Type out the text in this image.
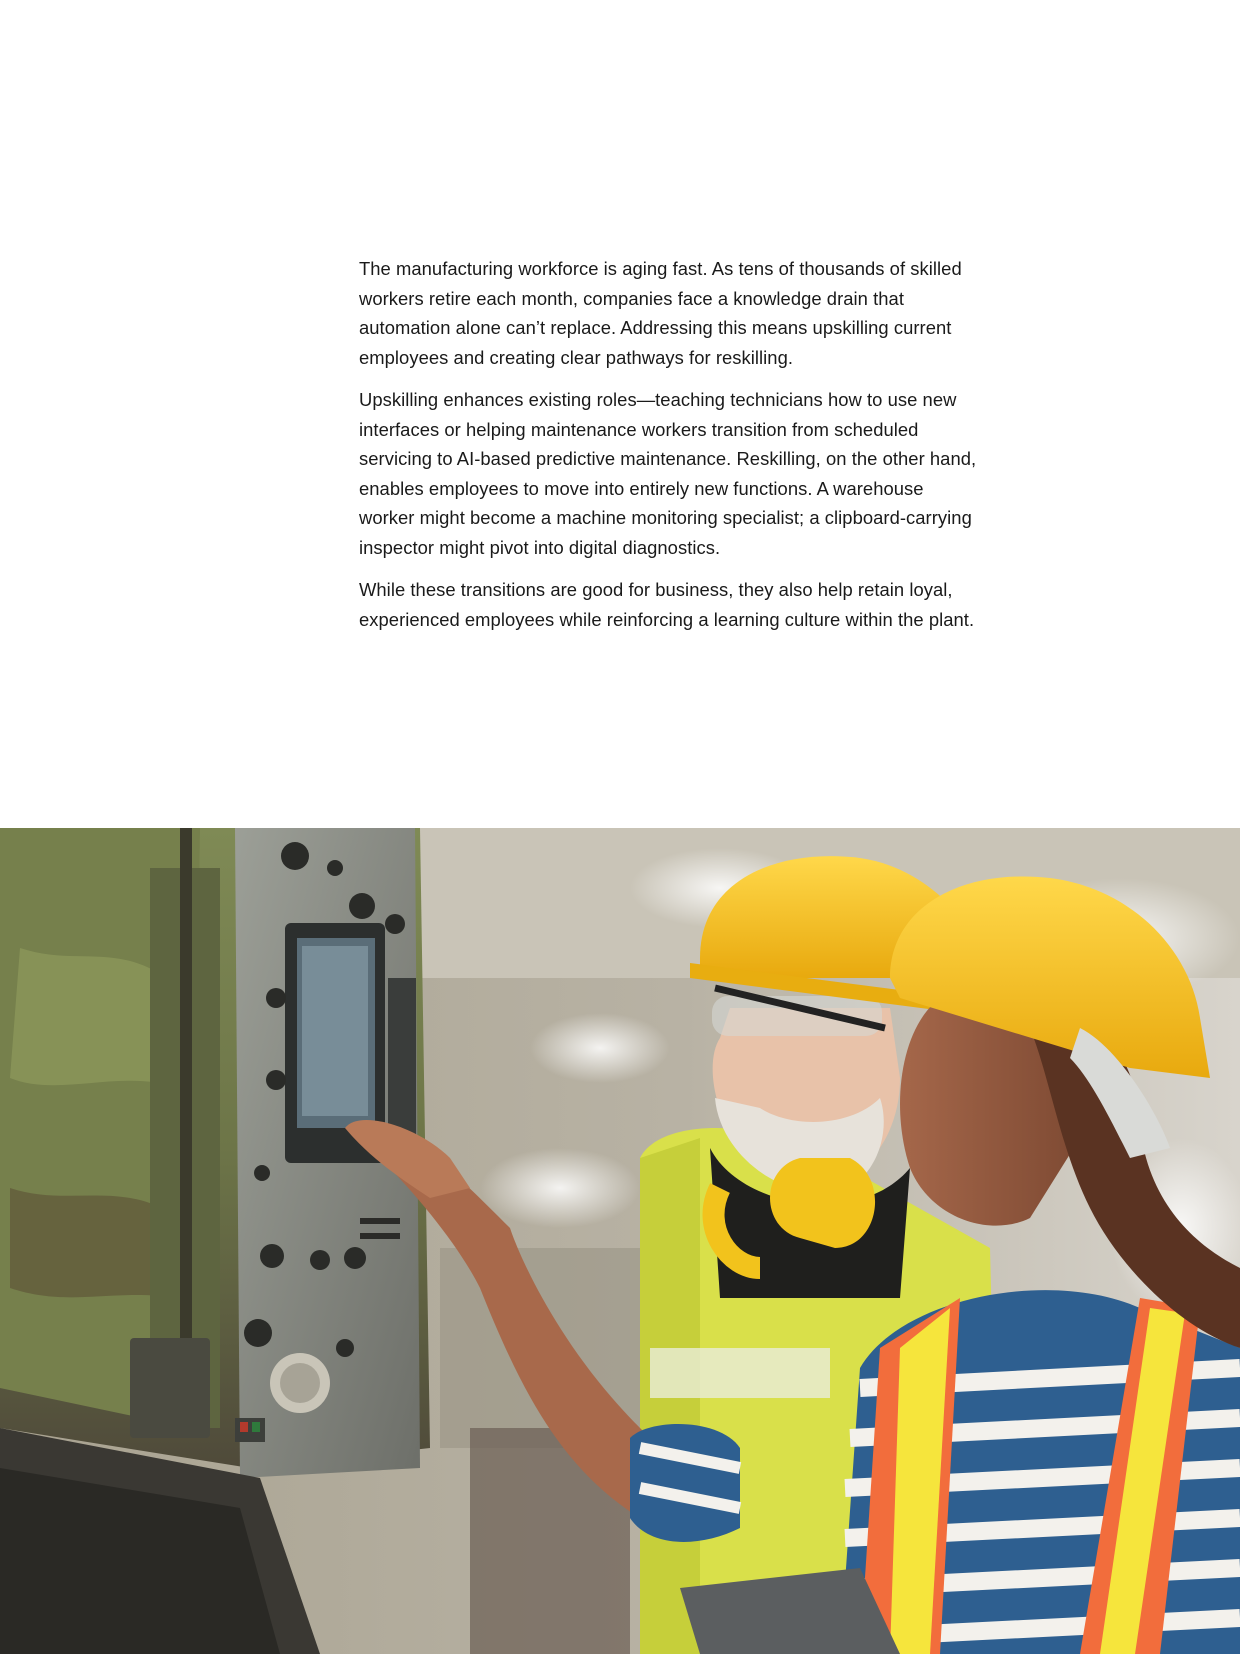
The manufacturing workforce is aging fast. As tens of thousands of skilled workers retire each month, companies face a knowledge drain that automation alone can’t replace. Addressing this means upskilling current employees and creating clear pathways for reskilling.

Upskilling enhances existing roles—teaching technicians how to use new interfaces or helping maintenance workers transition from scheduled servicing to AI-based predictive maintenance. Reskilling, on the other hand, enables employees to move into entirely new functions. A warehouse worker might become a machine monitoring specialist; a clipboard-carrying inspector might pivot into digital diagnostics.

While these transitions are good for business, they also help retain loyal, experienced employees while reinforcing a learning culture within the plant.
